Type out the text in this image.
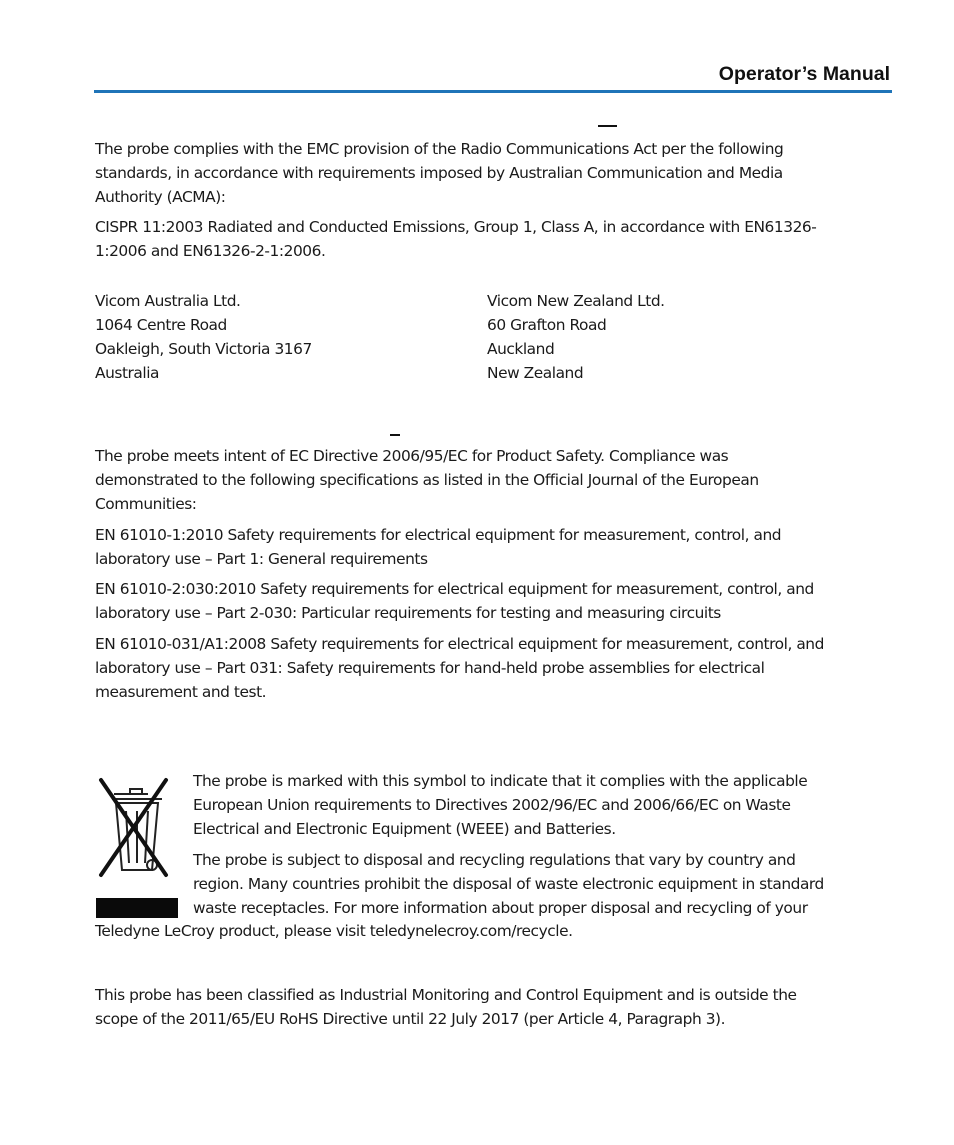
Operator’s Manual

The probe complies with the EMC provision of the Radio Communications Act per the following
standards, in accordance with requirements imposed by Australian Communication and Media
Authority (ACMA):

CISPR 11:2003 Radiated and Conducted Emissions, Group 1, Class A, in accordance with EN61326-
1:2006 and EN61326-2-1:2006.

Vicom Australia Ltd.
1064 Centre Road
Oakleigh, South Victoria 3167
Australia
Vicom New Zealand Ltd.
60 Grafton Road
Auckland
New Zealand

The probe meets intent of EC Directive 2006/95/EC for Product Safety. Compliance was
demonstrated to the following specifications as listed in the Official Journal of the European
Communities:

EN 61010-1:2010 Safety requirements for electrical equipment for measurement, control, and
laboratory use – Part 1: General requirements

EN 61010-2:030:2010 Safety requirements for electrical equipment for measurement, control, and
laboratory use – Part 2-030: Particular requirements for testing and measuring circuits

EN 61010-031/A1:2008 Safety requirements for electrical equipment for measurement, control, and
laboratory use – Part 031: Safety requirements for hand-held probe assemblies for electrical
measurement and test.

The probe is marked with this symbol to indicate that it complies with the applicable
European Union requirements to Directives 2002/96/EC and 2006/66/EC on Waste
Electrical and Electronic Equipment (WEEE) and Batteries.

The probe is subject to disposal and recycling regulations that vary by country and
region. Many countries prohibit the disposal of waste electronic equipment in standard
waste receptacles. For more information about proper disposal and recycling of your

Teledyne LeCroy product, please visit teledynelecroy.com/recycle.

This probe has been classified as Industrial Monitoring and Control Equipment and is outside the
scope of the 2011/65/EU RoHS Directive until 22 July 2017 (per Article 4, Paragraph 3).
